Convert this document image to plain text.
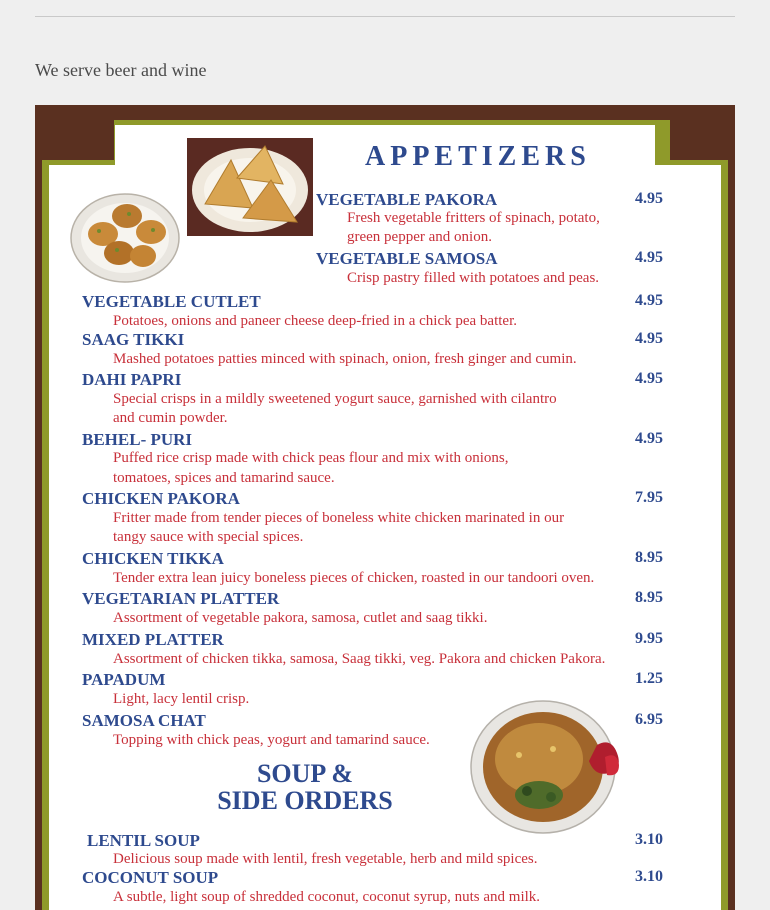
We serve beer and wine
APPETIZERS
VEGETABLE PAKORA	4.95
Fresh vegetable fritters of spinach, potato,
green pepper and onion.
VEGETABLE SAMOSA	4.95
Crisp pastry filled with potatoes and peas.
VEGETABLE CUTLET	4.95
Potatoes, onions and paneer cheese deep-fried in a chick pea batter.
SAAG TIKKI	4.95
Mashed potatoes patties minced with spinach, onion, fresh ginger and cumin.
DAHI PAPRI	4.95
Special crisps in a mildly sweetened yogurt sauce, garnished with cilantro
and cumin powder.
BEHEL- PURI	4.95
Puffed rice crisp made with chick peas flour and mix with onions,
tomatoes, spices and tamarind sauce.
CHICKEN PAKORA	7.95
Fritter made from tender pieces of boneless white chicken marinated in our
tangy sauce with special spices.
CHICKEN TIKKA	8.95
Tender extra lean juicy boneless pieces of chicken, roasted in our tandoori oven.
VEGETARIAN PLATTER	8.95
Assortment of vegetable pakora, samosa, cutlet and saag tikki.
MIXED PLATTER	9.95
Assortment of chicken tikka, samosa, Saag tikki, veg. Pakora and chicken Pakora.
PAPADUM	1.25
Light, lacy lentil crisp.
SAMOSA CHAT	6.95
Topping with chick peas, yogurt and tamarind sauce.
SOUP &
SIDE ORDERS
LENTIL SOUP	3.10
Delicious soup made with lentil, fresh vegetable, herb and mild spices.
COCONUT SOUP	3.10
A subtle, light soup of shredded coconut, coconut syrup, nuts and milk.
